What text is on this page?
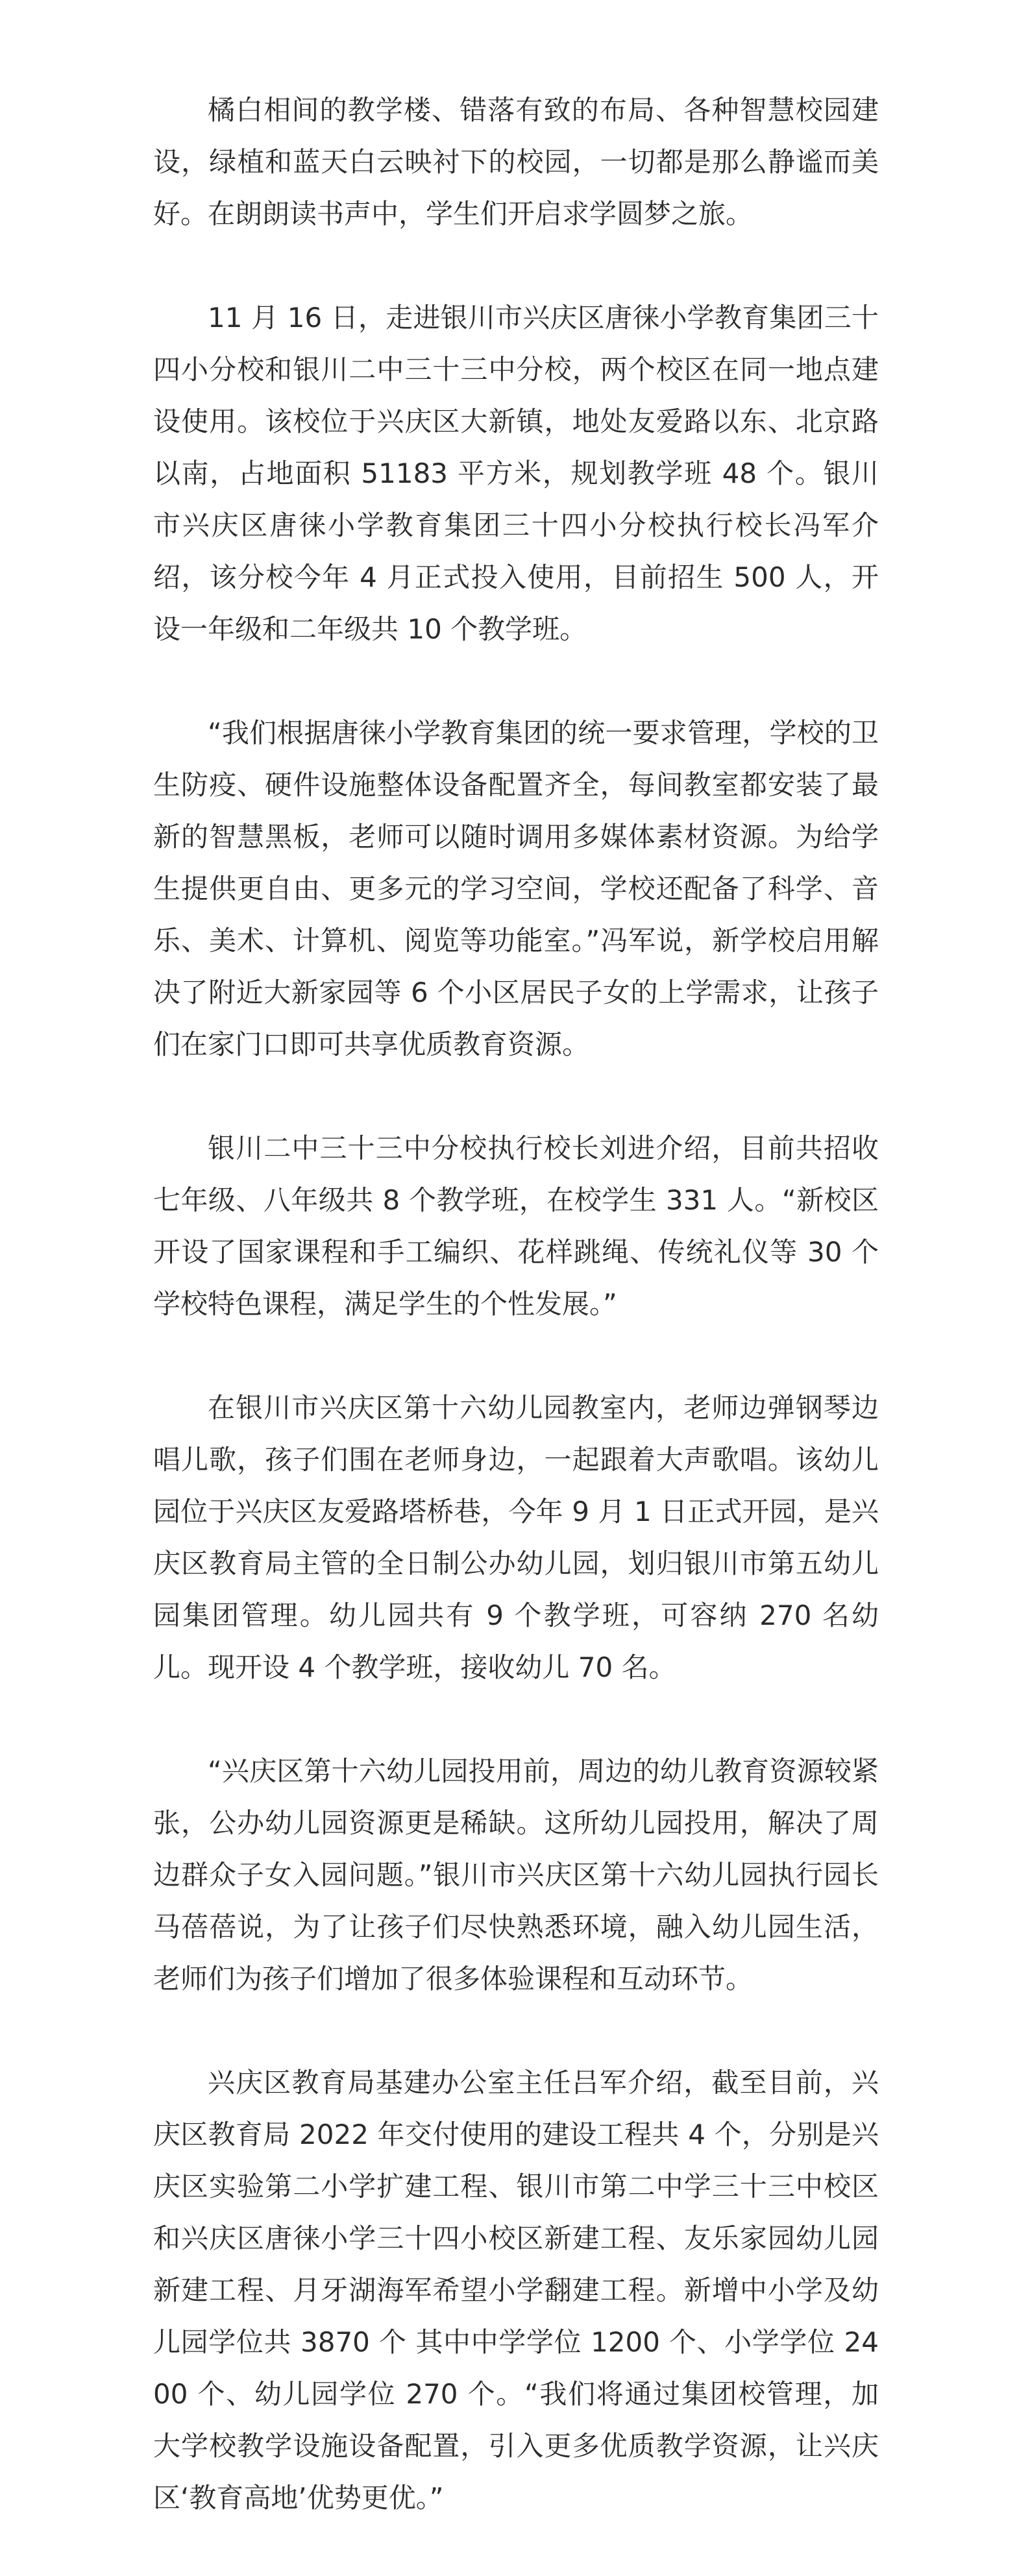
橘白相间的教学楼、错落有致的布局、各种智慧校园建设，绿植和蓝天白云映衬下的校园，一切都是那么静谧而美好。在朗朗读书声中，学生们开启求学圆梦之旅。

11 月 16 日，走进银川市兴庆区唐徕小学教育集团三十四小分校和银川二中三十三中分校，两个校区在同一地点建设使用。该校位于兴庆区大新镇，地处友爱路以东、北京路以南，占地面积 51183 平方米，规划教学班 48 个。银川市兴庆区唐徕小学教育集团三十四小分校执行校长冯军介绍，该分校今年 4 月正式投入使用，目前招生 500 人，开设一年级和二年级共 10 个教学班。

“我们根据唐徕小学教育集团的统一要求管理，学校的卫生防疫、硬件设施整体设备配置齐全，每间教室都安装了最新的智慧黑板，老师可以随时调用多媒体素材资源。为给学生提供更自由、更多元的学习空间，学校还配备了科学、音乐、美术、计算机、阅览等功能室。”冯军说，新学校启用解决了附近大新家园等 6 个小区居民子女的上学需求，让孩子们在家门口即可共享优质教育资源。

银川二中三十三中分校执行校长刘进介绍，目前共招收七年级、八年级共 8 个教学班，在校学生 331 人。“新校区开设了国家课程和手工编织、花样跳绳、传统礼仪等 30 个学校特色课程，满足学生的个性发展。”

在银川市兴庆区第十六幼儿园教室内，老师边弹钢琴边唱儿歌，孩子们围在老师身边，一起跟着大声歌唱。该幼儿园位于兴庆区友爱路塔桥巷，今年 9 月 1 日正式开园，是兴庆区教育局主管的全日制公办幼儿园，划归银川市第五幼儿园集团管理。幼儿园共有 9 个教学班，可容纳 270 名幼儿。现开设 4 个教学班，接收幼儿 70 名。

“兴庆区第十六幼儿园投用前，周边的幼儿教育资源较紧张，公办幼儿园资源更是稀缺。这所幼儿园投用，解决了周边群众子女入园问题。”银川市兴庆区第十六幼儿园执行园长马蓓蓓说，为了让孩子们尽快熟悉环境，融入幼儿园生活，老师们为孩子们增加了很多体验课程和互动环节。

兴庆区教育局基建办公室主任吕军介绍，截至目前，兴庆区教育局 2022 年交付使用的建设工程共 4 个，分别是兴庆区实验第二小学扩建工程、银川市第二中学三十三中校区和兴庆区唐徕小学三十四小校区新建工程、友乐家园幼儿园新建工程、月牙湖海军希望小学翻建工程。新增中小学及幼儿园学位共 3870 个 其中中学学位 1200 个、小学学位 2400 个、幼儿园学位 270 个。“我们将通过集团校管理，加大学校教学设施设备配置，引入更多优质教学资源，让兴庆区‘教育高地’优势更优。”
